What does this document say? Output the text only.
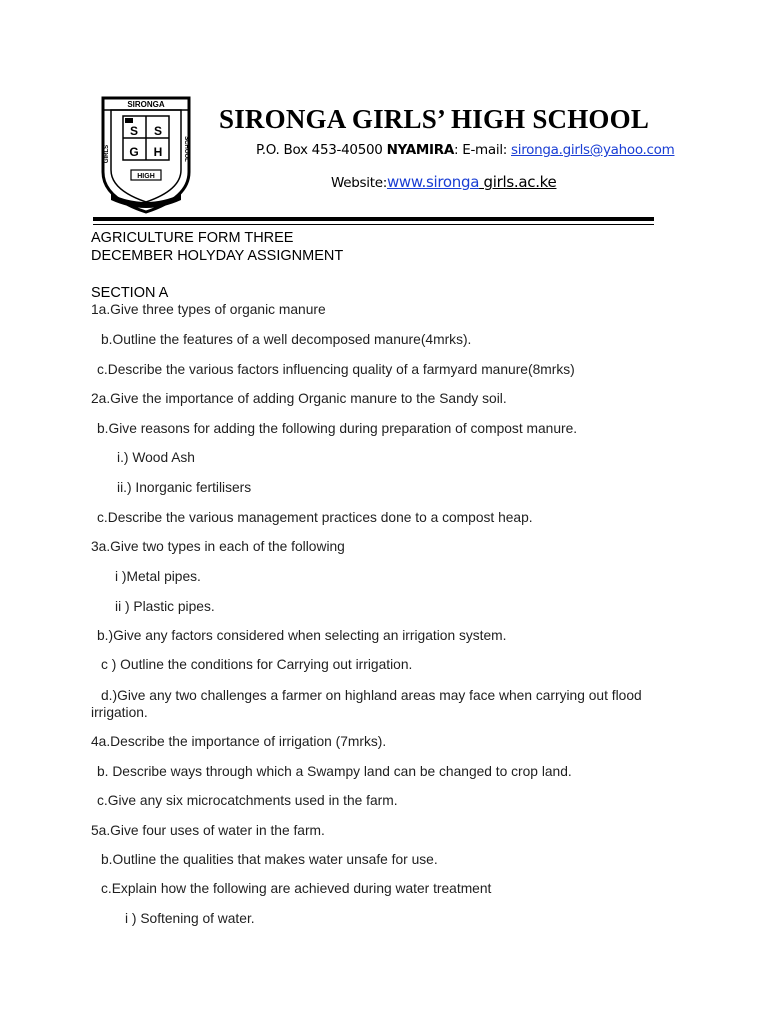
SIRONGA
GIRLS	SCHOOL
S S
G H
HIGH
SIRONGA GIRLS’ HIGH SCHOOL
P.O. Box 453-40500 NYAMIRA: E-mail: sironga.girls@yahoo.com
Website:www.sironga girls.ac.ke
AGRICULTURE FORM THREE
DECEMBER HOLYDAY ASSIGNMENT
SECTION A
1a.Give three types of organic manure
b.Outline the features of a well decomposed manure(4mrks).
c.Describe the various factors influencing quality of a farmyard manure(8mrks)
2a.Give the importance of adding Organic manure to the Sandy soil.
b.Give reasons for adding the following during preparation of compost manure.
i.) Wood Ash
ii.) Inorganic fertilisers
c.Describe the various management practices done to a compost heap.
3a.Give two types in each of the following
i )Metal pipes.
ii ) Plastic pipes.
b.)Give any factors considered when selecting an irrigation system.
c ) Outline the conditions for Carrying out irrigation.
d.)Give any two challenges a farmer on highland areas may face when carrying out flood irrigation.
4a.Describe the importance of irrigation (7mrks).
b. Describe ways through which a Swampy land can be changed to crop land.
c.Give any six microcatchments used in the farm.
5a.Give four uses of water in the farm.
b.Outline the qualities that makes water unsafe for use.
c.Explain how the following are achieved during water treatment
i ) Softening of water.
